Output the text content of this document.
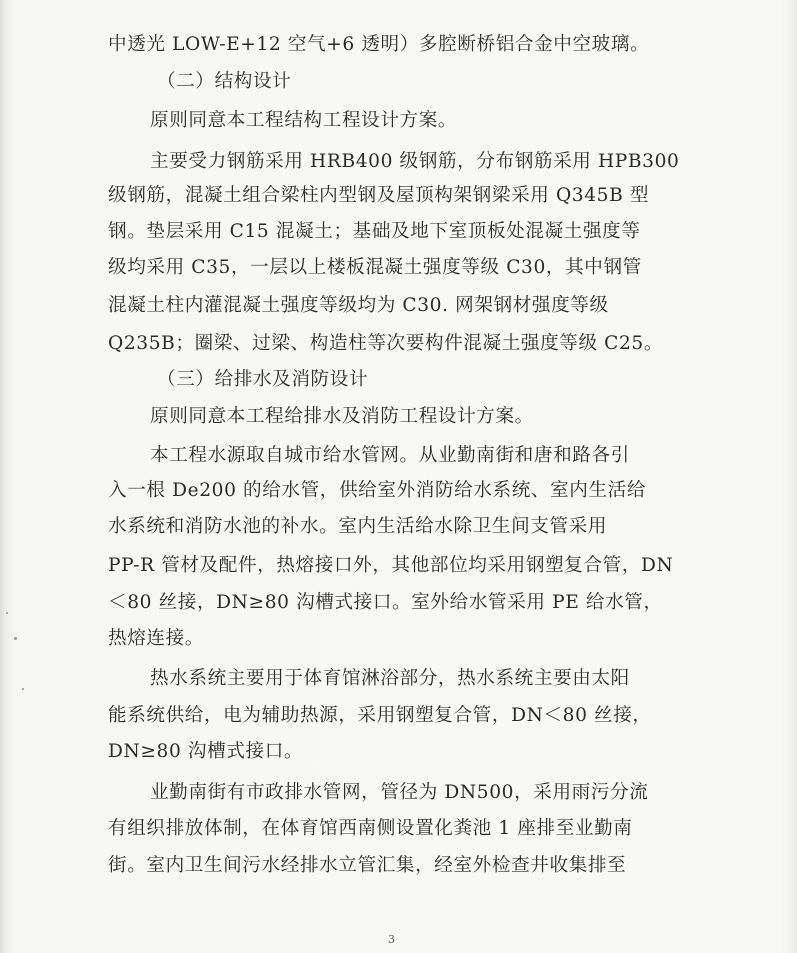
中透光 LOW-E+12 空气+6 透明）多腔断桥铝合金中空玻璃。
（二）结构设计
原则同意本工程结构工程设计方案。
主要受力钢筋采用 HRB400 级钢筋，分布钢筋采用 HPB300
级钢筋，混凝土组合梁柱内型钢及屋顶构架钢梁采用 Q345B 型
钢。垫层采用 C15 混凝土；基础及地下室顶板处混凝土强度等
级均采用 C35，一层以上楼板混凝土强度等级 C30，其中钢管
混凝土柱内灌混凝土强度等级均为 C30. 网架钢材强度等级
Q235B；圈梁、过梁、构造柱等次要构件混凝土强度等级 C25。
（三）给排水及消防设计
原则同意本工程给排水及消防工程设计方案。
本工程水源取自城市给水管网。从业勤南街和唐和路各引
入一根 De200 的给水管，供给室外消防给水系统、室内生活给
水系统和消防水池的补水。室内生活给水除卫生间支管采用
PP-R 管材及配件，热熔接口外，其他部位均采用钢塑复合管，DN
＜80 丝接，DN≥80 沟槽式接口。室外给水管采用 PE 给水管，
热熔连接。
热水系统主要用于体育馆淋浴部分，热水系统主要由太阳
能系统供给，电为辅助热源，采用钢塑复合管，DN＜80 丝接，
DN≥80 沟槽式接口。
业勤南街有市政排水管网，管径为 DN500，采用雨污分流
有组织排放体制，在体育馆西南侧设置化粪池 1 座排至业勤南
街。室内卫生间污水经排水立管汇集，经室外检查井收集排至
3
